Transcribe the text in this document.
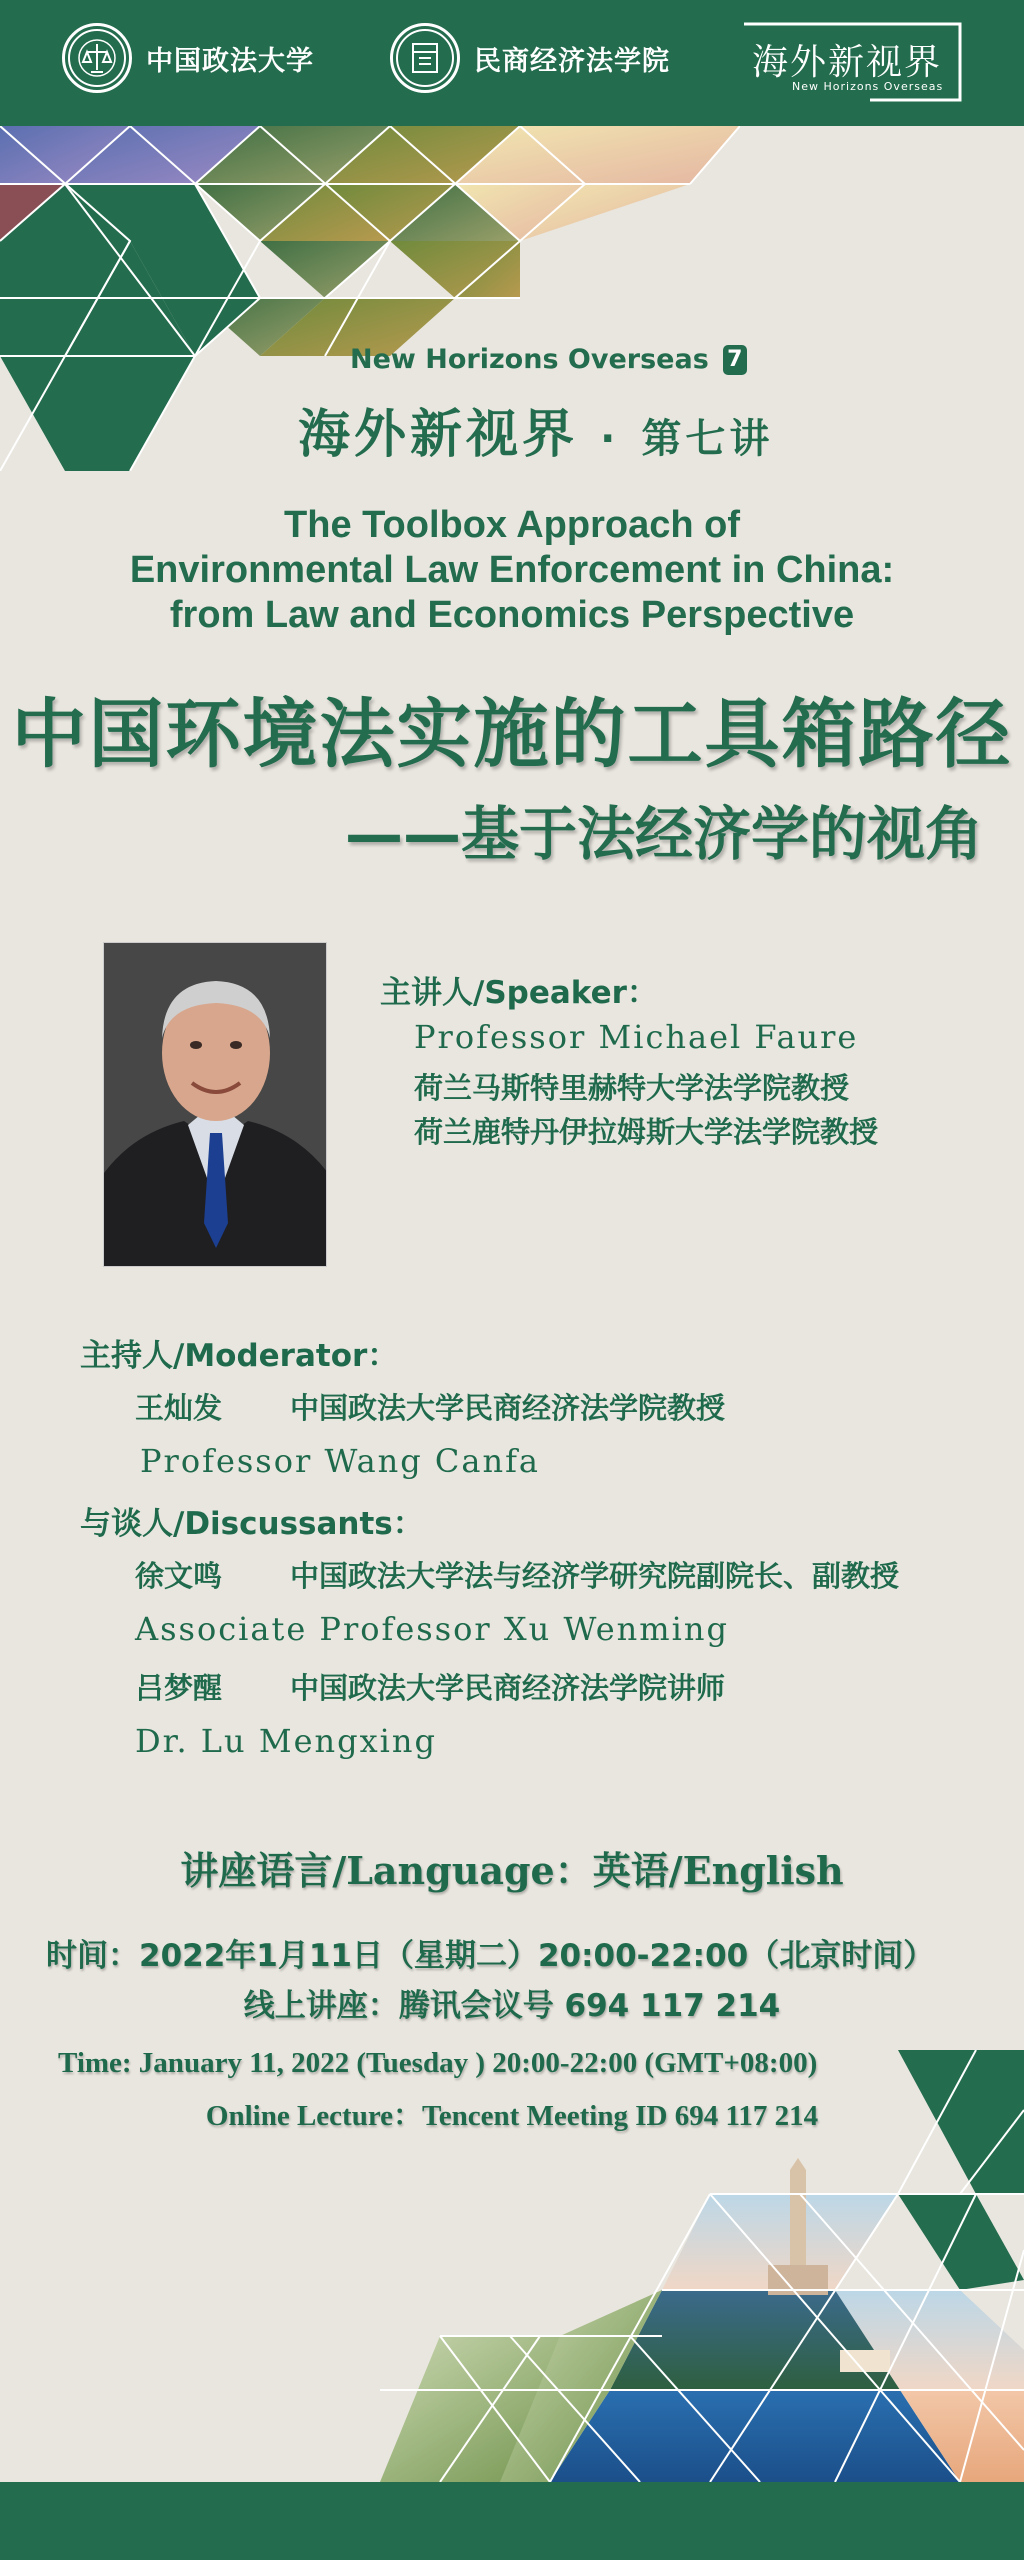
中国政法大学	民商经济法学院 海外新视界
New Horizons Overseas
New Horizons Overseas 7
海外新视界 · 第七讲
The Toolbox Approach of
Environmental Law Enforcement in China:
from Law and Economics Perspective
中国环境法实施的工具箱路径
——基于法经济学的视角
主讲人/Speaker：
Professor Michael Faure
荷兰马斯特里赫特大学法学院教授
荷兰鹿特丹伊拉姆斯大学法学院教授
主持人/Moderator：
王灿发 中国政法大学民商经济法学院教授
Professor Wang Canfa
与谈人/Discussants：
徐文鸣 中国政法大学法与经济学研究院副院长、副教授
Associate Professor Xu Wenming
吕梦醒 中国政法大学民商经济法学院讲师
Dr. Lu Mengxing
讲座语言/Language：英语/English
时间：2022年1月11日（星期二）20:00-22:00（北京时间）
线上讲座：腾讯会议号 694 117 214
Time: January 11, 2022 (Tuesday ) 20:00-22:00 (GMT+08:00)
Online Lecture：Tencent Meeting ID 694 117 214
